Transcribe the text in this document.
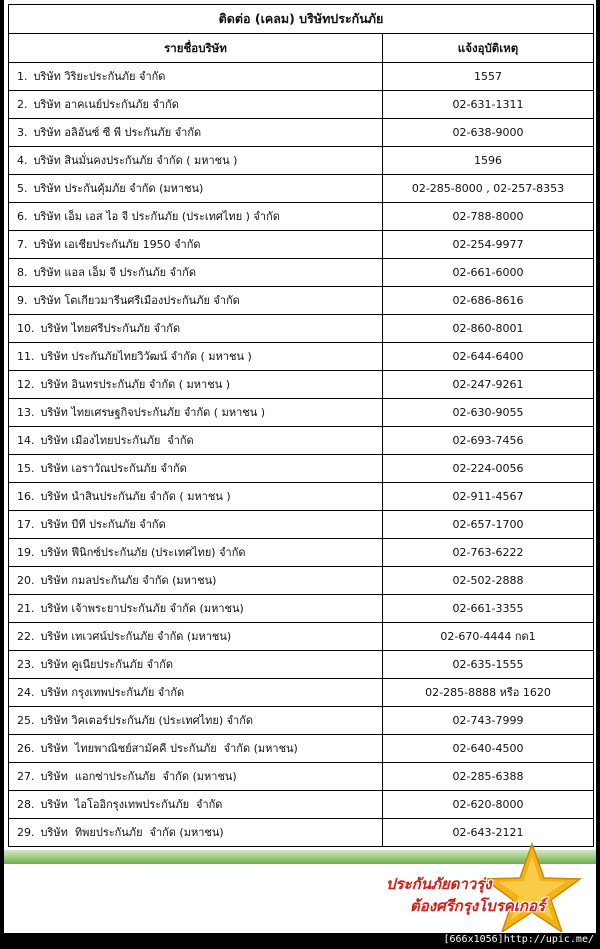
ติดต่อ (เคลม) บริษัทประกันภัย	
รายชื่อบริษัท	แจ้งอุบัติเหตุ
1. บริษัท วิริยะประกันภัย จำกัด	1557
2. บริษัท อาคเนย์ประกันภัย จำกัด	02-631-1311
3. บริษัท อลิอันซ์ ซี พี ประกันภัย จำกัด	02-638-9000
4. บริษัท สินมั่นคงประกันภัย จำกัด ( มหาชน )	1596
5. บริษัท ประกันคุ้มภัย จำกัด (มหาชน)	02-285-8000 , 02-257-8353
6. บริษัท เอ็ม เอส ไอ จี ประกันภัย (ประเทศไทย ) จำกัด	02-788-8000
7. บริษัท เอเชียประกันภัย 1950 จำกัด	02-254-9977
8. บริษัท แอล เอ็ม จี ประกันภัย จำกัด	02-661-6000
9. บริษัท โตเกียวมารีนศรีเมืองประกันภัย จำกัด	02-686-8616
10. บริษัท ไทยศรีประกันภัย จำกัด	02-860-8001
11. บริษัท ประกันภัยไทยวิวัฒน์ จำกัด ( มหาชน )	02-644-6400
12. บริษัท อินทรประกันภัย จำกัด ( มหาชน )	02-247-9261
13. บริษัท ไทยเศรษฐกิจประกันภัย จำกัด ( มหาชน )	02-630-9055
14. บริษัท เมืองไทยประกันภัย  จำกัด	02-693-7456
15. บริษัท เอราวัณประกันภัย จำกัด	02-224-0056
16. บริษัท นำสินประกันภัย จำกัด ( มหาชน )	02-911-4567
17. บริษัท บีที ประกันภัย จำกัด	02-657-1700
19. บริษัท ฟีนิกซ์ประกันภัย (ประเทศไทย) จำกัด	02-763-6222
20. บริษัท กมลประกันภัย จำกัด (มหาชน)	02-502-2888
21. บริษัท เจ้าพระยาประกันภัย จำกัด (มหาชน)	02-661-3355
22. บริษัท เทเวศน์ประกันภัย จำกัด (มหาชน)	02-670-4444 กด1
23. บริษัท คูเนียประกันภัย จำกัด	02-635-1555
24. บริษัท กรุงเทพประกันภัย จำกัด	02-285-8888 หรือ 1620
25. บริษัท วิคเตอร์ประกันภัย (ประเทศไทย) จำกัด	02-743-7999
26. บริษัท  ไทยพาณิชย์สามัคคี ประกันภัย  จำกัด (มหาชน)	02-640-4500
27. บริษัท  แอกซ่าประกันภัย  จำกัด (มหาชน)	02-285-6388
28. บริษัท  ไอโออิกรุงเทพประกันภัย  จำกัด	02-620-8000
29. บริษัท  ทิพยประกันภัย  จำกัด (มหาชน)	02-643-2121
ประกันภัยดาวรุ่ง
ต้องศรีกรุงโบรคเกอร์
[666x1056]http://upic.me/
